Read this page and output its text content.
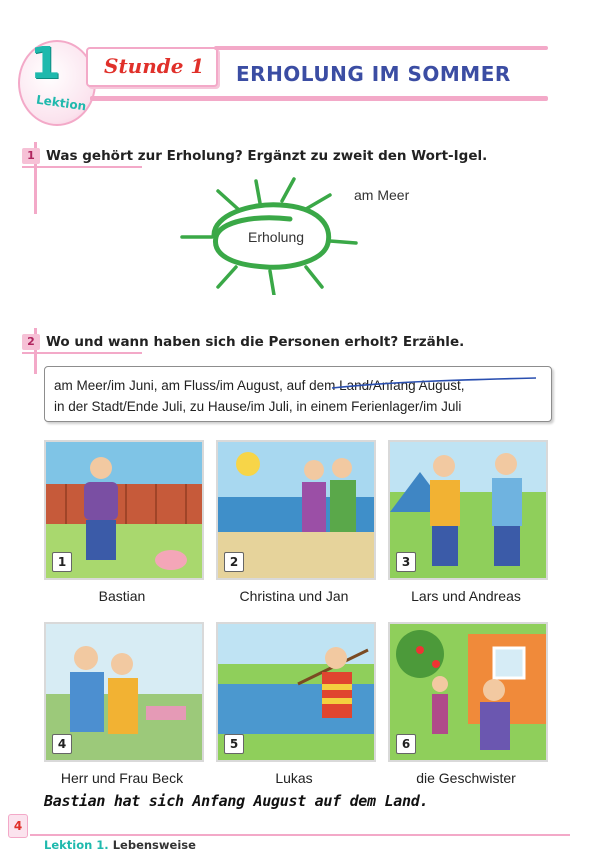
1
Lektion
Stunde 1 ERHOLUNG IM SOMMER
1 Was gehört zur Erholung? Ergänzt zu zweit den Wort-Igel.
Erholung
am Meer
2 Wo und wann haben sich die Personen erholt? Erzähle.
am Meer/im Juni, am Fluss/im August, auf dem Land/Anfang August,
in der Stadt/Ende Juli, zu Hause/im Juli, in einem Ferienlager/im Juli
1	2	3
Bastian	Christina und Jan	Lars und Andreas
4	5	6
Herr und Frau Beck	Lukas	die Geschwister
Bastian hat sich Anfang August auf dem Land.
4
Lektion 1. Lebensweise
